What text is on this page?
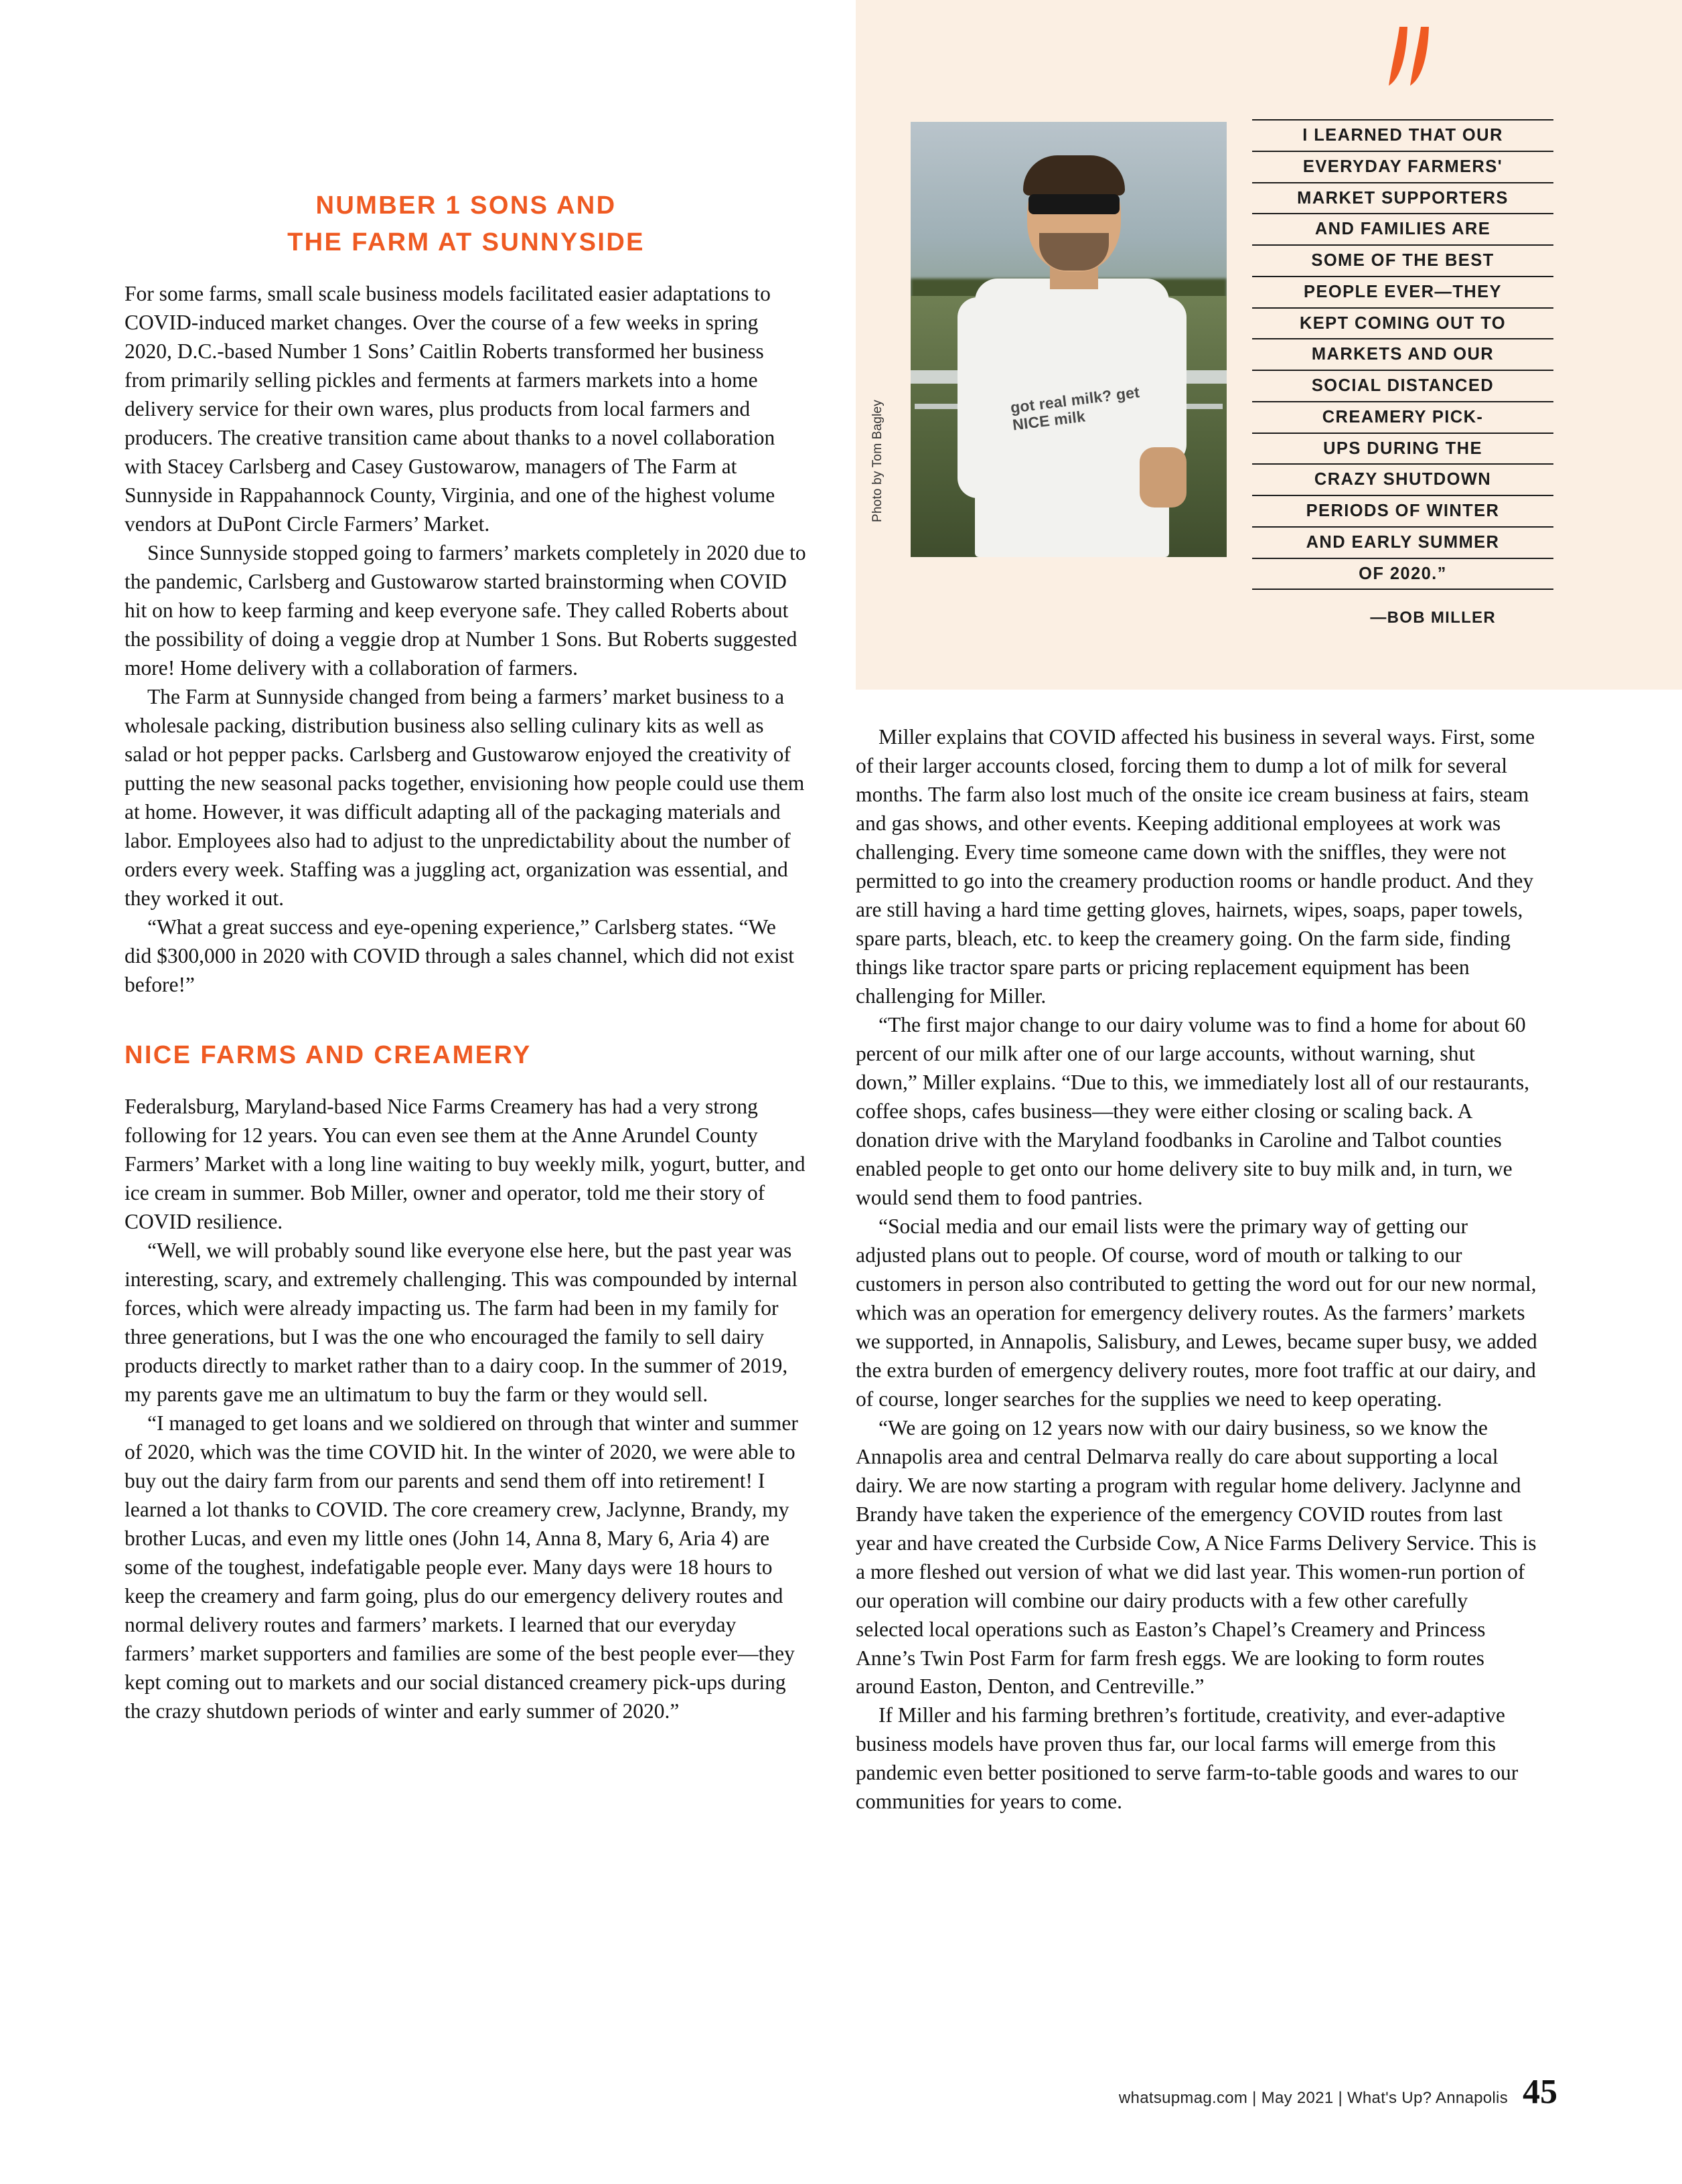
got real milk? get NICE milk
Photo by Tom Bagley
I LEARNED THAT OUR
EVERYDAY FARMERS'
MARKET SUPPORTERS
AND FAMILIES ARE
SOME OF THE BEST
PEOPLE EVER—THEY
KEPT COMING OUT TO
MARKETS AND OUR
SOCIAL DISTANCED
CREAMERY PICK-
UPS DURING THE
CRAZY SHUTDOWN
PERIODS OF WINTER
AND EARLY SUMMER
OF 2020.”
—BOB MILLER
NUMBER 1 SONS AND
THE FARM AT SUNNYSIDE

For some farms, small scale business models facilitated easier adaptations to COVID-induced market changes. Over the course of a few weeks in spring 2020, D.C.-based Number 1 Sons’ Caitlin Roberts transformed her business from primarily selling pickles and ferments at farmers markets into a home delivery service for their own wares, plus products from local farmers and producers. The creative transition came about thanks to a novel collaboration with Stacey Carlsberg and Casey Gustowarow, managers of The Farm at Sunnyside in Rappahannock County, Virginia, and one of the highest volume vendors at DuPont Circle Farmers’ Market.

Since Sunnyside stopped going to farmers’ markets completely in 2020 due to the pandemic, Carlsberg and Gustowarow started brainstorming when COVID hit on how to keep farming and keep everyone safe. They called Roberts about the possibility of doing a veggie drop at Number 1 Sons. But Roberts suggested more! Home delivery with a collaboration of farmers.

The Farm at Sunnyside changed from being a farmers’ market business to a wholesale packing, distribution business also selling culinary kits as well as salad or hot pepper packs. Carlsberg and Gustowarow enjoyed the creativity of putting the new seasonal packs together, envisioning how people could use them at home. However, it was difficult adapting all of the packaging materials and labor. Employees also had to adjust to the unpredictability about the number of orders every week. Staffing was a juggling act, organization was essential, and they worked it out.

“What a great success and eye-opening experience,” Carlsberg states. “We did $300,000 in 2020 with COVID through a sales channel, which did not exist before!”

NICE FARMS AND CREAMERY

Federalsburg, Maryland-based Nice Farms Creamery has had a very strong following for 12 years. You can even see them at the Anne Arundel County Farmers’ Market with a long line waiting to buy weekly milk, yogurt, butter, and ice cream in summer. Bob Miller, owner and operator, told me their story of COVID resilience.

“Well, we will probably sound like everyone else here, but the past year was interesting, scary, and extremely challenging. This was compounded by internal forces, which were already impacting us. The farm had been in my family for three generations, but I was the one who encouraged the family to sell dairy products directly to market rather than to a dairy coop. In the summer of 2019, my parents gave me an ultimatum to buy the farm or they would sell.

“I managed to get loans and we soldiered on through that winter and summer of 2020, which was the time COVID hit. In the winter of 2020, we were able to buy out the dairy farm from our parents and send them off into retirement! I learned a lot thanks to COVID. The core creamery crew, Jaclynne, Brandy, my brother Lucas, and even my little ones (John 14, Anna 8, Mary 6, Aria 4) are some of the toughest, indefatigable people ever. Many days were 18 hours to keep the creamery and farm going, plus do our emergency delivery routes and normal delivery routes and farmers’ markets. I learned that our everyday farmers’ market supporters and families are some of the best people ever—they kept coming out to markets and our social distanced creamery pick-ups during the crazy shutdown periods of winter and early summer of 2020.”

Miller explains that COVID affected his business in several ways. First, some of their larger accounts closed, forcing them to dump a lot of milk for several months. The farm also lost much of the onsite ice cream business at fairs, steam and gas shows, and other events. Keeping additional employees at work was challenging. Every time someone came down with the sniffles, they were not permitted to go into the creamery production rooms or handle product. And they are still having a hard time getting gloves, hairnets, wipes, soaps, paper towels, spare parts, bleach, etc. to keep the creamery going. On the farm side, finding things like tractor spare parts or pricing replacement equipment has been challenging for Miller.

“The first major change to our dairy volume was to find a home for about 60 percent of our milk after one of our large accounts, without warning, shut down,” Miller explains. “Due to this, we immediately lost all of our restaurants, coffee shops, cafes business—they were either closing or scaling back. A donation drive with the Maryland foodbanks in Caroline and Talbot counties enabled people to get onto our home delivery site to buy milk and, in turn, we would send them to food pantries.

“Social media and our email lists were the primary way of getting our adjusted plans out to people. Of course, word of mouth or talking to our customers in person also contributed to getting the word out for our new normal, which was an operation for emergency delivery routes. As the farmers’ markets we supported, in Annapolis, Salisbury, and Lewes, became super busy, we added the extra burden of emergency delivery routes, more foot traffic at our dairy, and of course, longer searches for the supplies we need to keep operating.

“We are going on 12 years now with our dairy business, so we know the Annapolis area and central Delmarva really do care about supporting a local dairy. We are now starting a program with regular home delivery. Jaclynne and Brandy have taken the experience of the emergency COVID routes from last year and have created the Curbside Cow, A Nice Farms Delivery Service. This is a more fleshed out version of what we did last year. This women-run portion of our operation will combine our dairy products with a few other carefully selected local operations such as Easton’s Chapel’s Creamery and Princess Anne’s Twin Post Farm for farm fresh eggs. We are looking to form routes around Easton, Denton, and Centreville.”

If Miller and his farming brethren’s fortitude, creativity, and ever-adaptive business models have proven thus far, our local farms will emerge from this pandemic even better positioned to serve farm-to-table goods and wares to our communities for years to come.

whatsupmag.com | May 2021 | What's Up? Annapolis 45
